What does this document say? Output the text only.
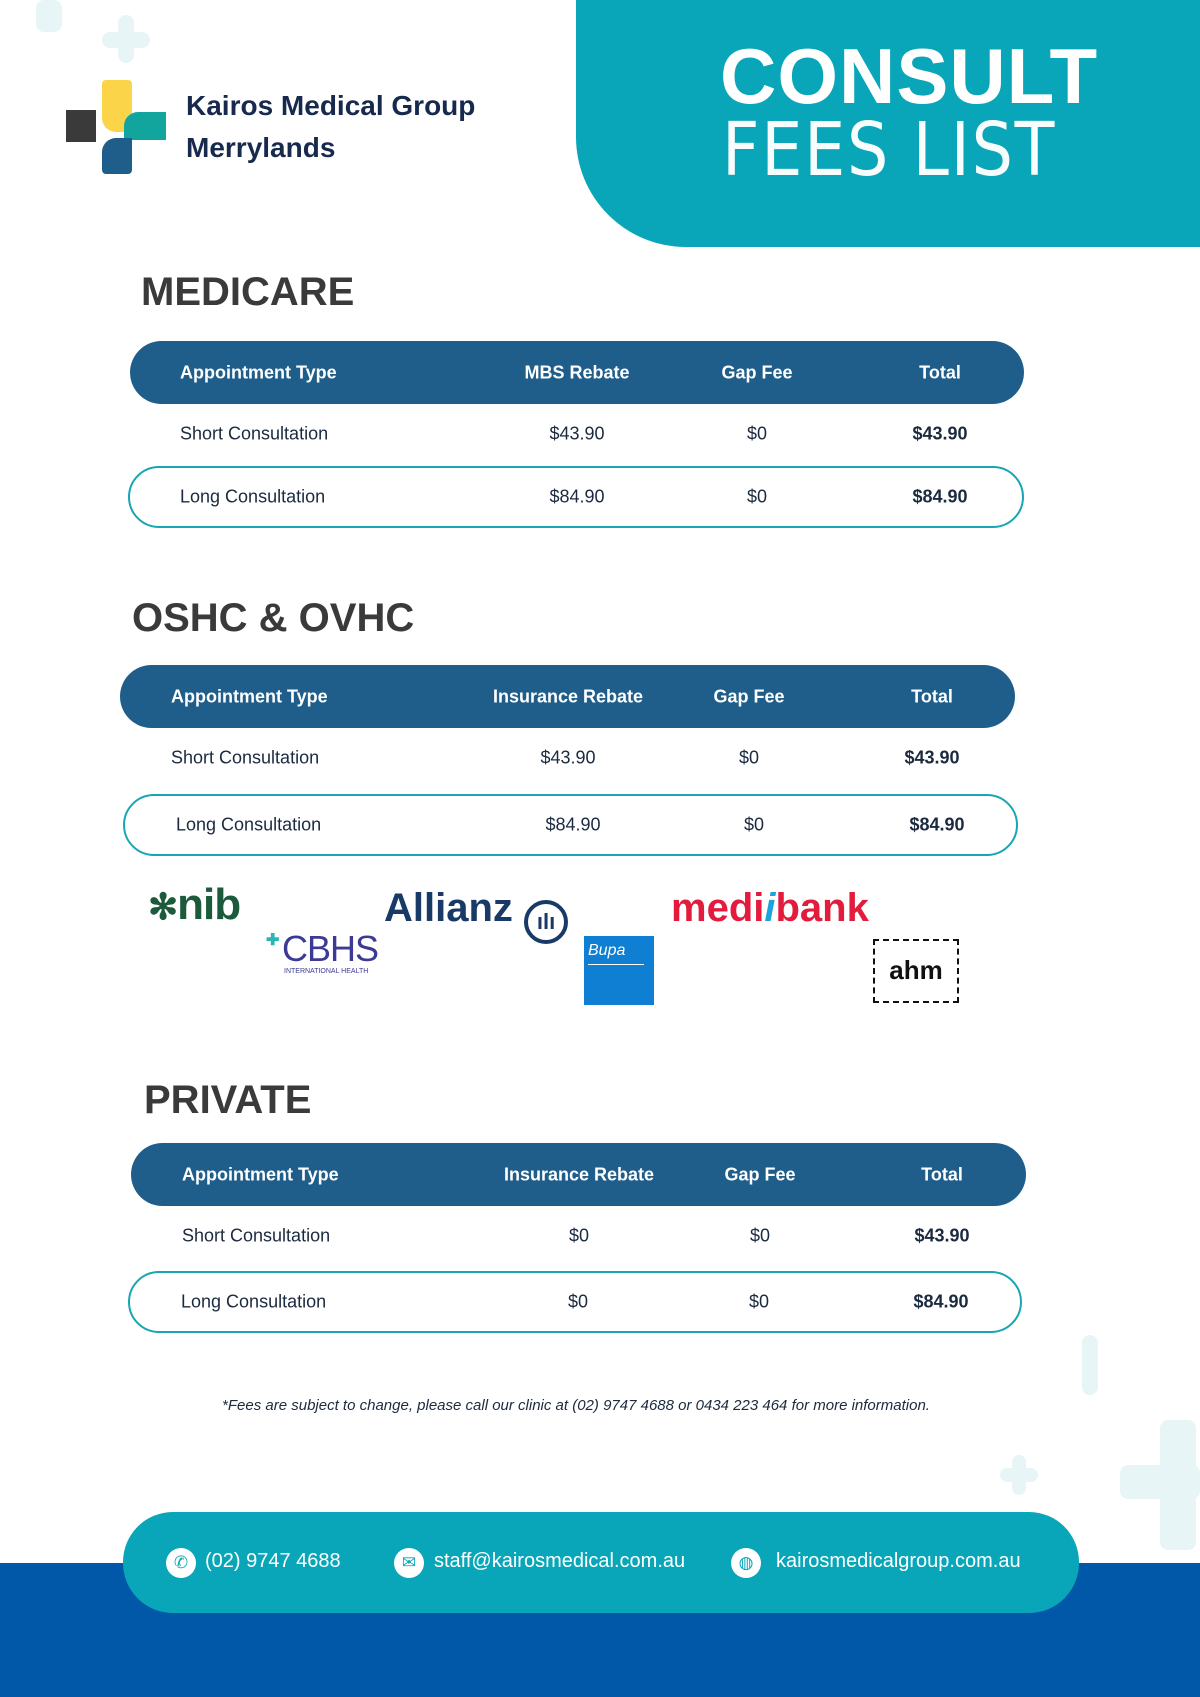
CONSULT
FEES LIST
Kairos Medical Group
Merrylands
MEDICARE
Appointment Type	MBS Rebate	Gap Fee	Total
Short Consultation	$43.90	$0	$43.90
Long Consultation	$84.90	$0	$84.90
OSHC & OVHC
Appointment Type	Insurance Rebate	Gap Fee	Total
Short Consultation	$43.90	$0	$43.90
Long Consultation	$84.90	$0	$84.90
PRIVATE
Appointment Type	Insurance Rebate	Gap Fee	Total
Short Consultation	$0	$0	$43.90
Long Consultation	$0	$0	$84.90
✻nib	Allianz ılı	mediibank
✚ CBHS
INTERNATIONAL HEALTH
Bupa
ahm
*Fees are subject to change, please call our clinic at (02) 9747 4688 or 0434 223 464 for more information.
✆ (02) 9747 4688	✉ staff@kairosmedical.com.au	◍	kairosmedicalgroup.com.au
